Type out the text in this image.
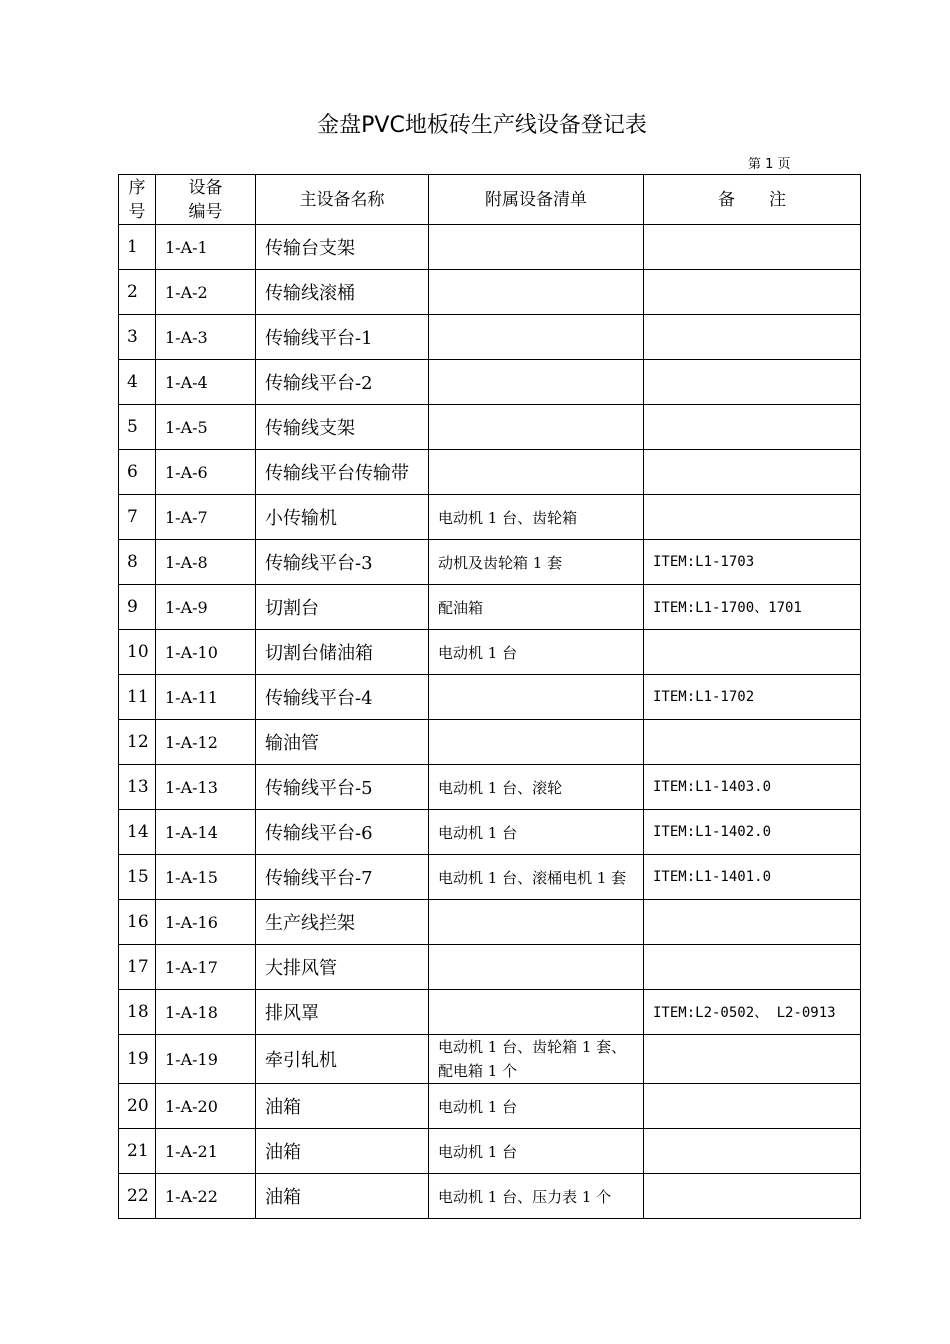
金盘PVC地板砖生产线设备登记表
第 1 页
序号	设备编号	主设备名称	附属设备清单	备　　注
1	1-A-1	传输台支架		
2	1-A-2	传输线滚桶		
3	1-A-3	传输线平台-1		
4	1-A-4	传输线平台-2		
5	1-A-5	传输线支架		
6	1-A-6	传输线平台传输带		
7	1-A-7	小传输机	电动机 1 台、齿轮箱	
8	1-A-8	传输线平台-3	动机及齿轮箱 1 套	ITEM:L1-1703
9	1-A-9	切割台	配油箱	ITEM:L1-1700、1701
10	1-A-10	切割台储油箱	电动机 1 台	
11	1-A-11	传输线平台-4		ITEM:L1-1702
12	1-A-12	输油管		
13	1-A-13	传输线平台-5	电动机 1 台、滚轮	ITEM:L1-1403.0
14	1-A-14	传输线平台-6	电动机 1 台	ITEM:L1-1402.0
15	1-A-15	传输线平台-7	电动机 1 台、滚桶电机 1 套	ITEM:L1-1401.0
16	1-A-16	生产线拦架		
17	1-A-17	大排风管		
18	1-A-18	排风罩		ITEM:L2-0502、 L2-0913
19	1-A-19	牵引轧机	电动机 1 台、齿轮箱 1 套、配电箱 1 个	

20	1-A-20	油箱	电动机 1 台	
21	1-A-21	油箱	电动机 1 台	
22	1-A-22	油箱	电动机 1 台、压力表 1 个	
